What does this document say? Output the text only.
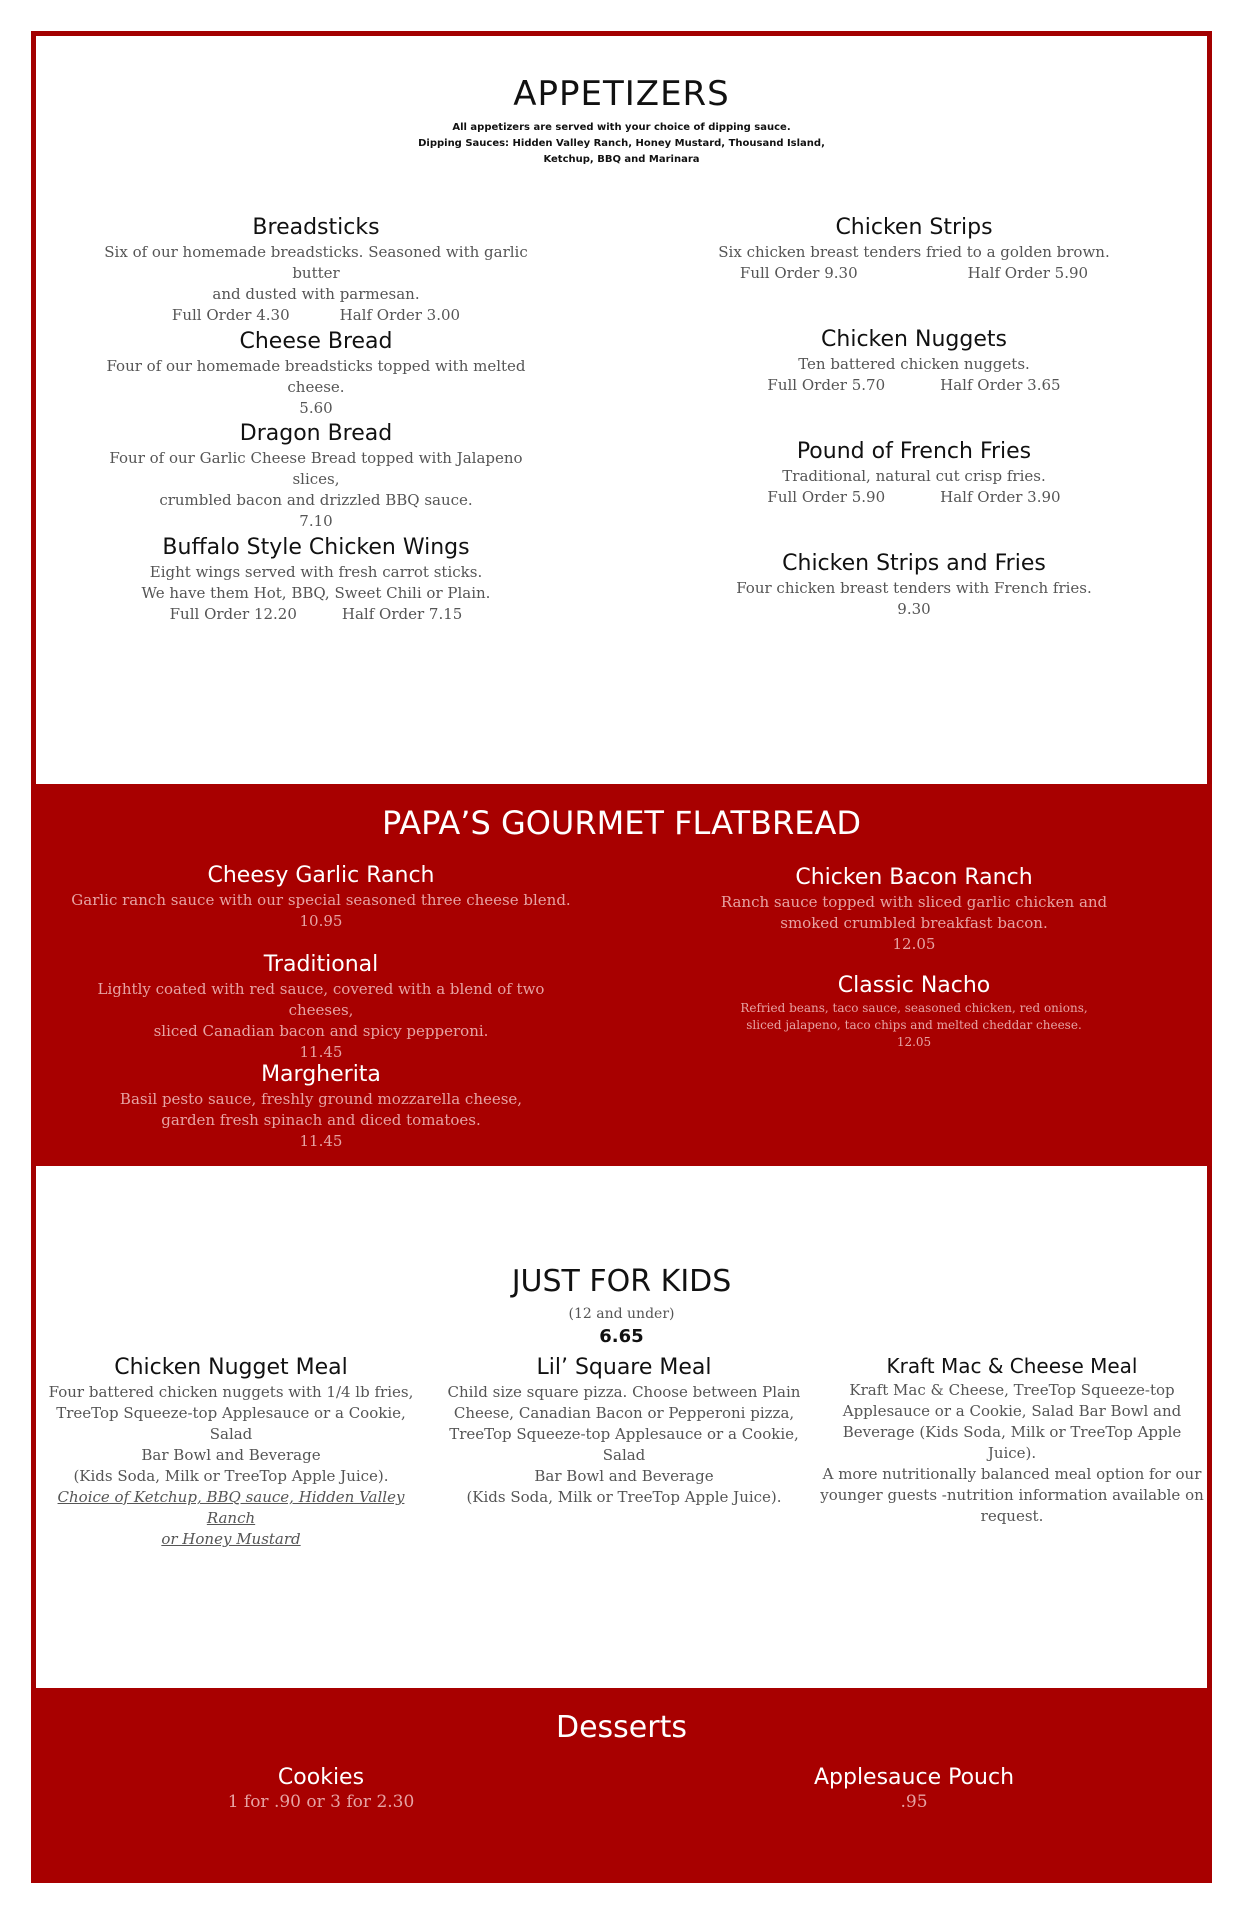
APPETIZERS
All appetizers are served with your choice of dipping sauce.
Dipping Sauces: Hidden Valley Ranch, Honey Mustard, Thousand Island,
Ketchup, BBQ and Marinara
Breadsticks
Six of our homemade breadsticks. Seasoned with garlic butter
and dusted with parmesan.
Full Order 4.30	Half Order 3.00
Cheese Bread
Four of our homemade breadsticks topped with melted cheese.
5.60
Dragon Bread
Four of our Garlic Cheese Bread topped with Jalapeno slices,
crumbled bacon and drizzled BBQ sauce.
7.10
Buffalo Style Chicken Wings
Eight wings served with fresh carrot sticks.
We have them Hot, BBQ, Sweet Chili or Plain.
Full Order 12.20	Half Order 7.15
Chicken Strips
Six chicken breast tenders fried to a golden brown.
Full Order 9.30	Half Order 5.90
Chicken Nuggets
Ten battered chicken nuggets.
Full Order 5.70	Half Order 3.65
Pound of French Fries
Traditional, natural cut crisp fries.
Full Order 5.90	Half Order 3.90
Chicken Strips and Fries
Four chicken breast tenders with French fries.
9.30
PAPA’S GOURMET FLATBREAD
Cheesy Garlic Ranch
Garlic ranch sauce with our special seasoned three cheese blend.
10.95
Traditional
Lightly coated with red sauce, covered with a blend of two cheeses,
sliced Canadian bacon and spicy pepperoni.
11.45
Margherita
Basil pesto sauce, freshly ground mozzarella cheese,
garden fresh spinach and diced tomatoes.
11.45
Chicken Bacon Ranch
Ranch sauce topped with sliced garlic chicken and
smoked crumbled breakfast bacon.
12.05
Classic Nacho
Refried beans, taco sauce, seasoned chicken, red onions,
sliced jalapeno, taco chips and melted cheddar cheese.
12.05
JUST FOR KIDS
(12 and under)
6.65
Chicken Nugget Meal
Four battered chicken nuggets with 1/4 lb fries,
TreeTop Squeeze-top Applesauce or a Cookie, Salad
Bar Bowl and Beverage
(Kids Soda, Milk or TreeTop Apple Juice).
Choice of Ketchup, BBQ sauce, Hidden Valley Ranch
or Honey Mustard
Lil’ Square Meal
Child size square pizza. Choose between Plain
Cheese, Canadian Bacon or Pepperoni pizza,
TreeTop Squeeze-top Applesauce or a Cookie, Salad
Bar Bowl and Beverage
(Kids Soda, Milk or TreeTop Apple Juice).
Kraft Mac & Cheese Meal
Kraft Mac & Cheese, TreeTop Squeeze-top
Applesauce or a Cookie, Salad Bar Bowl and
Beverage (Kids Soda, Milk or TreeTop Apple Juice).
A more nutritionally balanced meal option for our
younger guests -nutrition information available on
request.
Desserts
Cookies
1 for .90 or 3 for 2.30
Applesauce Pouch
.95
